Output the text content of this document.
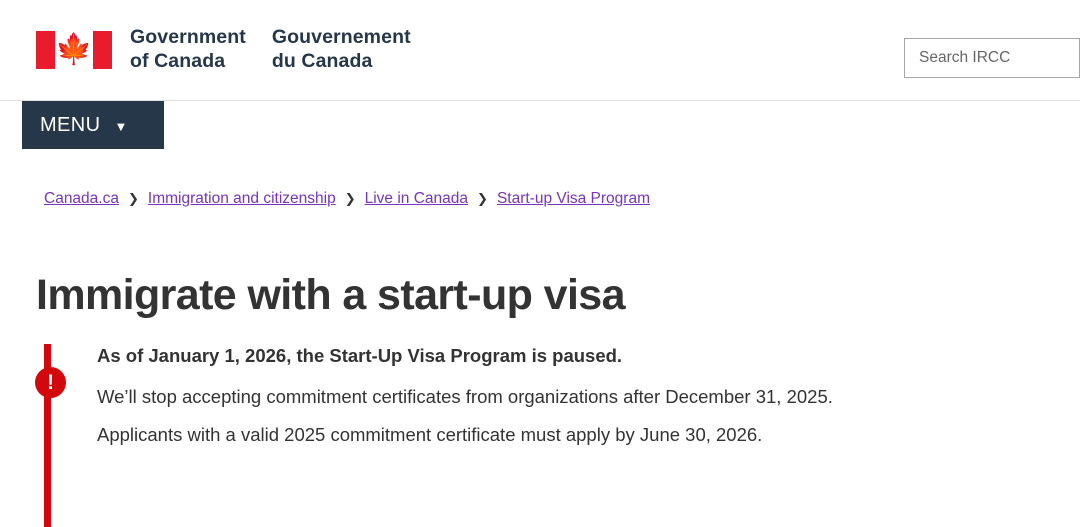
🍁 Government
of Canada
Gouvernement
du Canada
Search IRCC
MENU ▼
Canada.ca ❯ Immigration and citizenship ❯ Live in Canada ❯ Start-up Visa Program
Immigrate with a start-up visa
!

As of January 1, 2026, the Start-Up Visa Program is paused.

We’ll stop accepting commitment certificates from organizations after December 31, 2025.

Applicants with a valid 2025 commitment certificate must apply by June 30, 2026.
